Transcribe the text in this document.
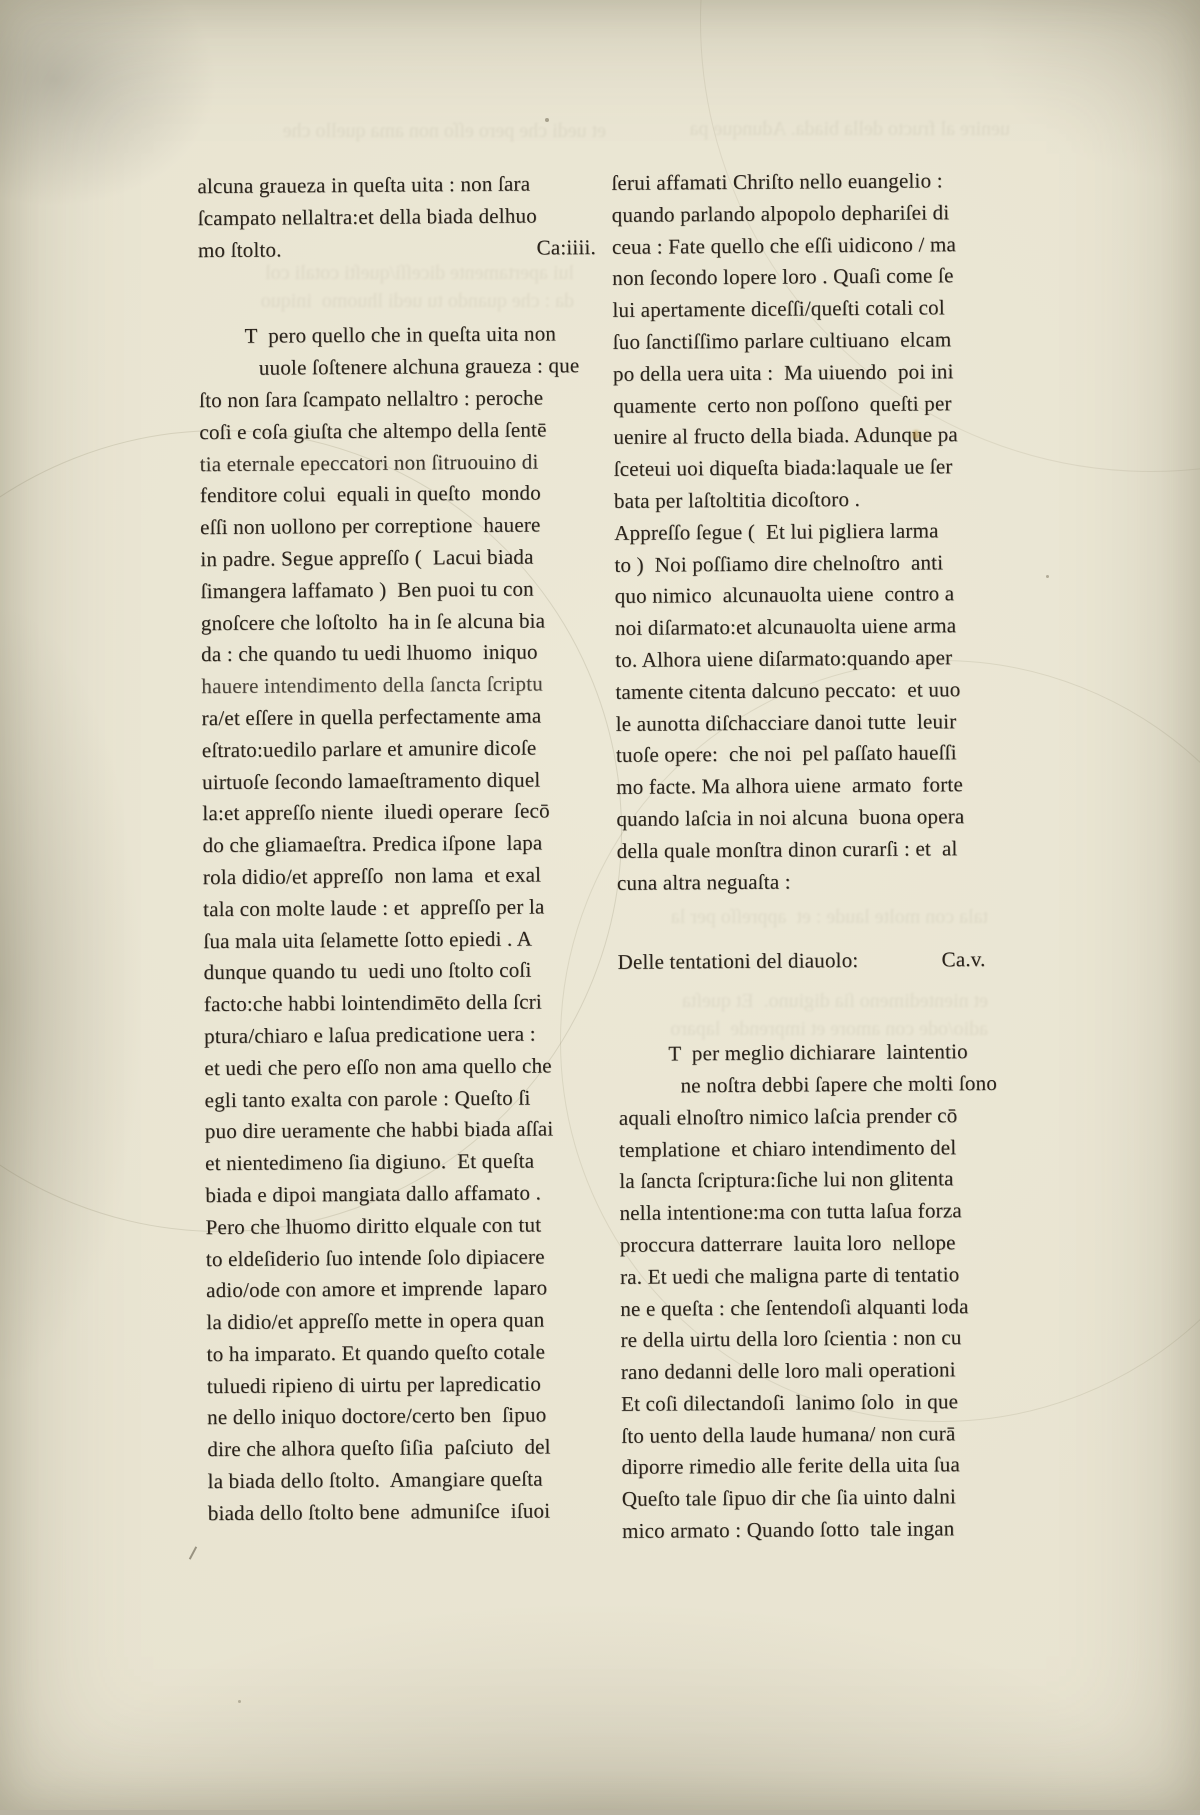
et uedi che pero eſſo non ama quello che	uenire al fructo della biada. Adunque pa
lui apertamente diceſſi/queſti cotali col
da : che quando tu uedi lhuomo  iniquo
tala con molte laude : et  appreſſo per la
et nientedimeno ſia digiuno.  Et queſta
adio/ode con amore et imprende  laparo
alcuna graueza in queſta uita : non ſara
ſcampato nellaltra:et della biada delhuo
mo ſtolto.	Ca:iiii.
T  pero quello che in queſta uita non
uuole ſoſtenere alchuna graueza : que
ſto non ſara ſcampato nellaltro : peroche
coſi e coſa giuſta che altempo della ſentē
tia eternale epeccatori non ſitruouino di
fenditore colui  equali in queſto  mondo
eſſi non uollono per correptione  hauere
in padre. Segue appreſſo (  Lacui biada
ſimangera laffamato )  Ben puoi tu con
gnoſcere che loſtolto  ha in ſe alcuna bia
da : che quando tu uedi lhuomo  iniquo
hauere intendimento della ſancta ſcriptu
ra/et eſſere in quella perfectamente ama
eſtrato:uedilo parlare et amunire dicoſe
uirtuoſe ſecondo lamaeſtramento diquel
la:et appreſſo niente  iluedi operare  ſecō
do che gliamaeſtra. Predica iſpone  lapa
rola didio/et appreſſo  non lama  et exal
tala con molte laude : et  appreſſo per la
ſua mala uita ſelamette ſotto epiedi . A
dunque quando tu  uedi uno ſtolto coſi
facto:che habbi lointendimēto della ſcri
ptura/chiaro e laſua predicatione uera :
et uedi che pero eſſo non ama quello che
egli tanto exalta con parole : Queſto ſi
puo dire ueramente che habbi biada aſſai
et nientedimeno ſia digiuno.  Et queſta
biada e dipoi mangiata dallo affamato .
Pero che lhuomo diritto elquale con tut
to eldeſiderio ſuo intende ſolo dipiacere
adio/ode con amore et imprende  laparo
la didio/et appreſſo mette in opera quan
to ha imparato. Et quando queſto cotale
tuluedi ripieno di uirtu per lapredicatio
ne dello iniquo doctore/certo ben  ſipuo
dire che alhora queſto ſiſia  paſciuto  del
la biada dello ſtolto.  Amangiare queſta
biada dello ſtolto bene  admuniſce  iſuoi
ſerui affamati Chriſto nello euangelio :
quando parlando alpopolo dephariſei di
ceua : Fate quello che eſſi uidicono / ma
non ſecondo lopere loro . Quaſi come ſe
lui apertamente diceſſi/queſti cotali col
ſuo ſanctiſſimo parlare cultiuano  elcam
po della uera uita :  Ma uiuendo  poi ini
quamente  certo non poſſono  queſti per
uenire al fructo della biada. Adunque pa
ſceteui uoi diqueſta biada:laquale ue ſer
bata per laſtoltitia dicoſtoro .
Appreſſo ſegue (  Et lui pigliera larma
to )  Noi poſſiamo dire chelnoſtro  anti
quo nimico  alcunauolta uiene  contro a
noi diſarmato:et alcunauolta uiene arma
to. Alhora uiene diſarmato:quando aper
tamente citenta dalcuno peccato:  et uuo
le aunotta diſchacciare danoi tutte  leuir
tuoſe opere:  che noi  pel paſſato haueſſi
mo facte. Ma alhora uiene  armato  forte
quando laſcia in noi alcuna  buona opera
della quale monſtra dinon curarſi : et  al
cuna altra neguaſta :
Delle tentationi del diauolo:	Ca.v.
T  per meglio dichiarare  laintentio
ne noſtra debbi ſapere che molti ſono
aquali elnoſtro nimico laſcia prender cō
templatione  et chiaro intendimento del
la ſancta ſcriptura:ſiche lui non glitenta
nella intentione:ma con tutta laſua forza
proccura datterrare  lauita loro  nellope
ra. Et uedi che maligna parte di tentatio
ne e queſta : che ſentendoſi alquanti loda
re della uirtu della loro ſcientia : non cu
rano dedanni delle loro mali operationi
Et coſi dilectandoſi  lanimo ſolo  in que
ſto uento della laude humana/ non curā
diporre rimedio alle ferite della uita ſua
Queſto tale ſipuo dir che ſia uinto dalni
mico armato : Quando ſotto  tale ingan
